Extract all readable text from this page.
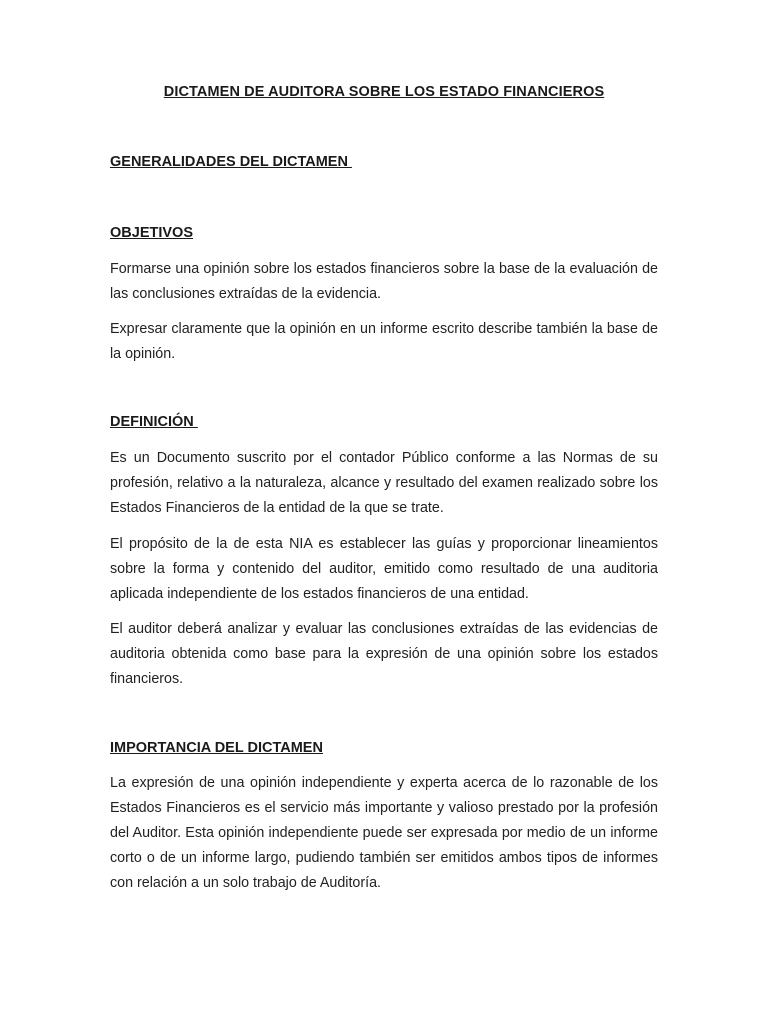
DICTAMEN DE AUDITORA SOBRE LOS ESTADO FINANCIEROS
GENERALIDADES DEL DICTAMEN
OBJETIVOS

Formarse una opinión sobre los estados financieros sobre la base de la evaluación de las conclusiones extraídas de la evidencia.

Expresar claramente que la opinión en un informe escrito describe también la base de la opinión.

DEFINICIÓN

Es un Documento suscrito por el contador Público conforme a las Normas de su profesión, relativo a la naturaleza, alcance y resultado del examen realizado sobre los Estados Financieros de la entidad de la que se trate.

El propósito de la de esta NIA es establecer las guías y proporcionar lineamientos sobre la forma y contenido del auditor, emitido como resultado de una auditoria aplicada independiente de los estados financieros de una entidad.

El auditor deberá analizar y evaluar las conclusiones extraídas de las evidencias de auditoria obtenida como base para la expresión de una opinión sobre los estados financieros.

IMPORTANCIA DEL DICTAMEN

La expresión de una opinión independiente y experta acerca de lo razonable de los Estados Financieros es el servicio más importante y valioso prestado por la profesión del Auditor. Esta opinión independiente puede ser expresada por medio de un informe corto o de un informe largo, pudiendo también ser emitidos ambos tipos de informes con relación a un solo trabajo de Auditoría.
